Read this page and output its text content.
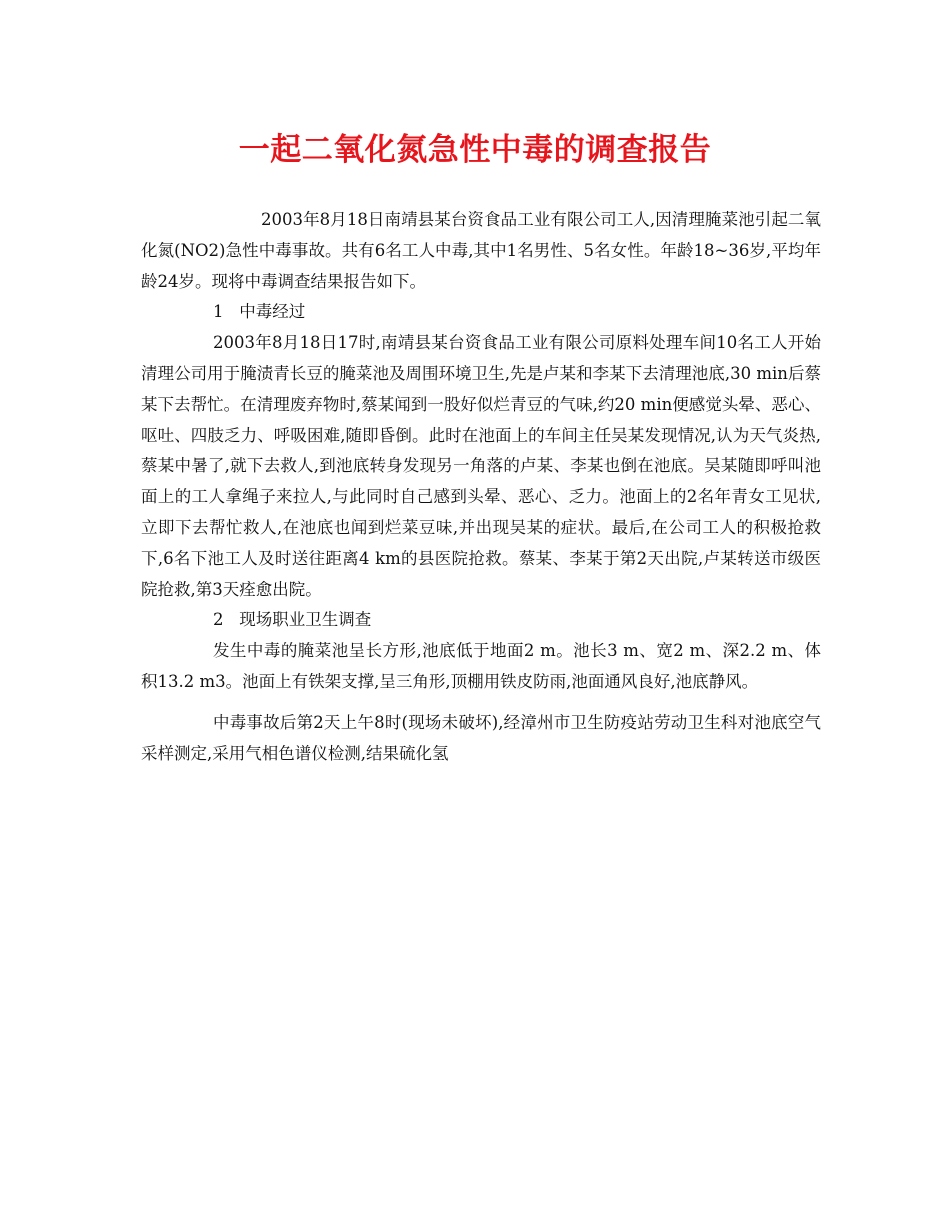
一起二氧化氮急性中毒的调查报告

2003年8月18日南靖县某台资食品工业有限公司工人,因清理腌菜池引起二氧化氮(NO2)急性中毒事故。共有6名工人中毒,其中1名男性、5名女性。年龄18~36岁,平均年龄24岁。现将中毒调查结果报告如下。

1   中毒经过

2003年8月18日17时,南靖县某台资食品工业有限公司原料处理车间10名工人开始清理公司用于腌渍青长豆的腌菜池及周围环境卫生,先是卢某和李某下去清理池底,30 min后蔡某下去帮忙。在清理废弃物时,蔡某闻到一股好似烂青豆的气味,约20 min便感觉头晕、恶心、呕吐、四肢乏力、呼吸困难,随即昏倒。此时在池面上的车间主任吴某发现情况,认为天气炎热,蔡某中暑了,就下去救人,到池底转身发现另一角落的卢某、李某也倒在池底。吴某随即呼叫池面上的工人拿绳子来拉人,与此同时自己感到头晕、恶心、乏力。池面上的2名年青女工见状,立即下去帮忙救人,在池底也闻到烂菜豆味,并出现吴某的症状。最后,在公司工人的积极抢救下,6名下池工人及时送往距离4 km的县医院抢救。蔡某、李某于第2天出院,卢某转送市级医院抢救,第3天痊愈出院。

2   现场职业卫生调查

发生中毒的腌菜池呈长方形,池底低于地面2 m。池长3 m、宽2 m、深2.2 m、体积13.2 m3。池面上有铁架支撑,呈三角形,顶棚用铁皮防雨,池面通风良好,池底静风。

中毒事故后第2天上午8时(现场未破坏),经漳州市卫生防疫站劳动卫生科对池底空气采样测定,采用气相色谱仪检测,结果硫化氢
